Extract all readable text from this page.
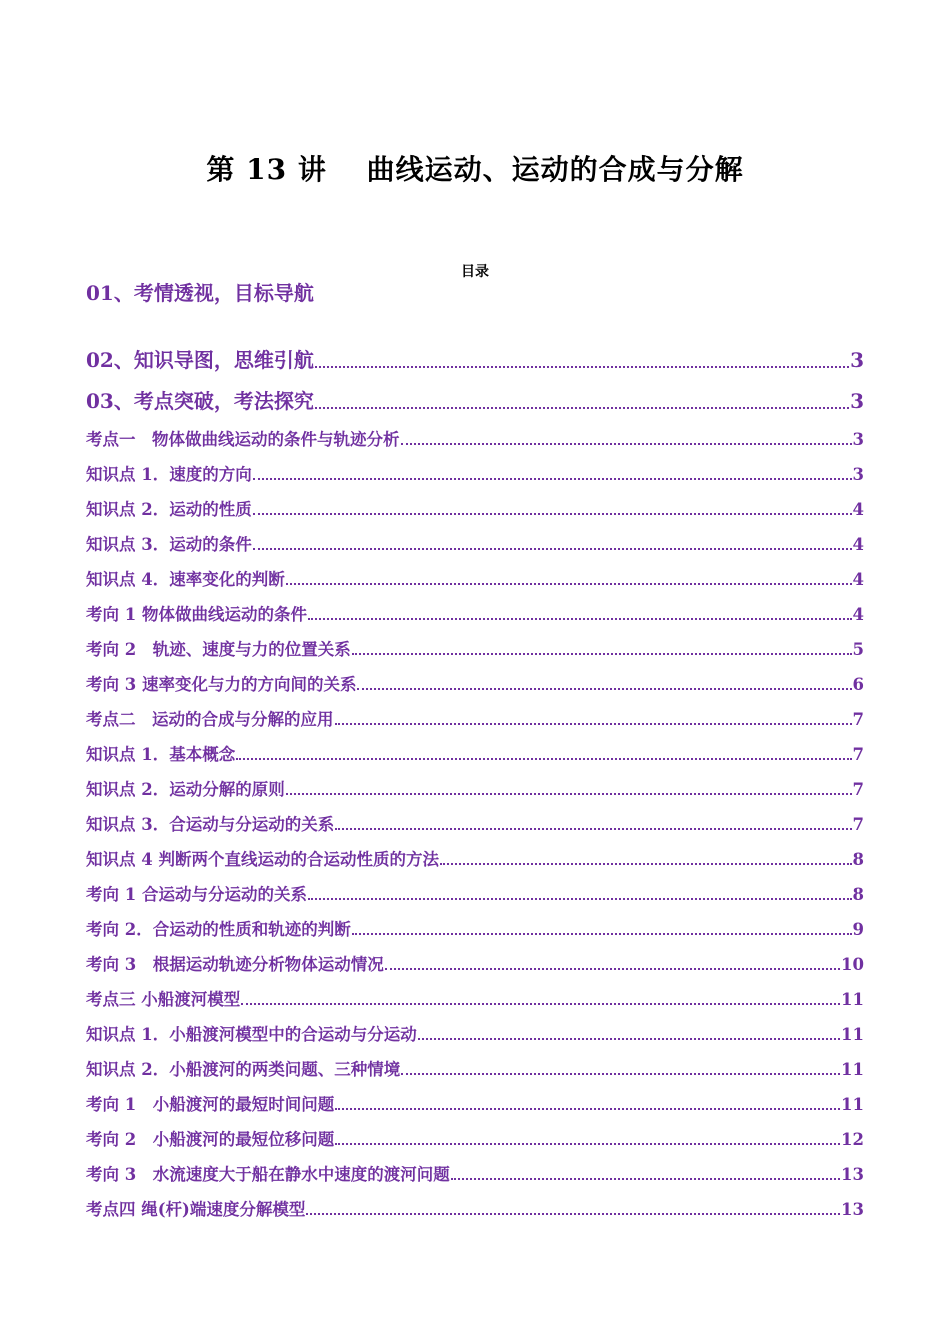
第 13 讲　 曲线运动、运动的合成与分解
目录
01、考情透视，目标导航
02、知识导图，思维引航	3
03、考点突破，考法探究	3
考点一　物体做曲线运动的条件与轨迹分析	3
知识点 1．速度的方向	3
知识点 2．运动的性质	4
知识点 3．运动的条件	4
知识点 4．速率变化的判断	4
考向 1 物体做曲线运动的条件	4
考向 2　轨迹、速度与力的位置关系	5
考向 3 速率变化与力的方向间的关系	6
考点二　运动的合成与分解的应用	7
知识点 1．基本概念	7
知识点 2．运动分解的原则	7
知识点 3．合运动与分运动的关系	7
知识点 4 判断两个直线运动的合运动性质的方法	8
考向 1 合运动与分运动的关系	8
考向 2．合运动的性质和轨迹的判断	9
考向 3　根据运动轨迹分析物体运动情况	10
考点三 小船渡河模型	11
知识点 1．小船渡河模型中的合运动与分运动	11
知识点 2．小船渡河的两类问题、三种情境	11
考向 1　小船渡河的最短时间问题	11
考向 2　小船渡河的最短位移问题	12
考向 3　水流速度大于船在静水中速度的渡河问题	13
考点四 绳(杆)端速度分解模型	13
